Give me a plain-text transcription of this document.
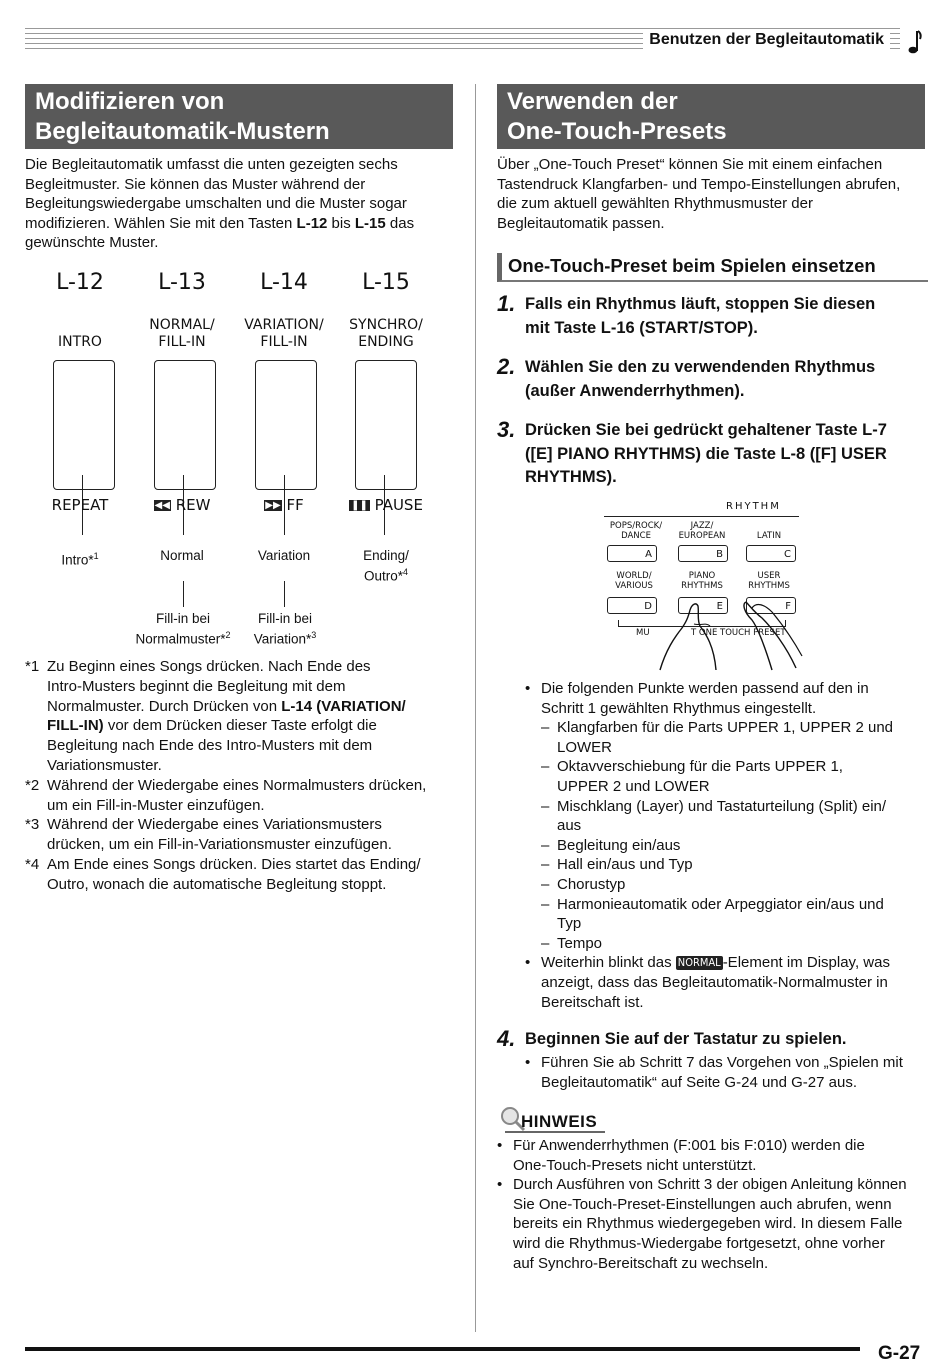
Benutzen der Begleitautomatik
Modifizieren von
Begleitautomatik-Mustern
Die Begleitautomatik umfasst die unten gezeigten sechs
Begleitmuster. Sie können das Muster während der
Begleitungswiedergabe umschalten und die Muster sogar
modifizieren. Wählen Sie mit den Tasten L-12 bis L-15 das
gewünschte Muster.
L-12

INTRO
REPEAT
Intro*$^1$
L-13
NORMAL/
FILL-IN
◀◀ REW
Normal
L-14
VARIATION/
FILL-IN
▶▶ FF
Variation
L-15
SYNCHRO/
ENDING
❚❚ PAUSE
Ending/
Outro*$^4$
Fill-in bei
Normalmuster*$^2$
Fill-in bei
Variation*$^3$
*1 Zu Beginn eines Songs drücken. Nach Ende des
Intro-Musters beginnt die Begleitung mit dem
Normalmuster. Durch Drücken von L-14 (VARIATION/
FILL-IN) vor dem Drücken dieser Taste erfolgt die
Begleitung nach Ende des Intro-Musters mit dem
Variationsmuster.
*2 Während der Wiedergabe eines Normalmusters drücken,
um ein Fill-in-Muster einzufügen.
*3 Während der Wiedergabe eines Variationsmusters
drücken, um ein Fill-in-Variationsmuster einzufügen.
*4 Am Ende eines Songs drücken. Dies startet das Ending/
Outro, wonach die automatische Begleitung stoppt.
Verwenden der
One-Touch-Presets
Über „One-Touch Preset“ können Sie mit einem einfachen
Tastendruck Klangfarben- und Tempo-Einstellungen abrufen,
die zum aktuell gewählten Rhythmusmuster der
Begleitautomatik passen.
One-Touch-Preset beim Spielen einsetzen
1. Falls ein Rhythmus läuft, stoppen Sie diesen
mit Taste L-16 (START/STOP).
2. Wählen Sie den zu verwendenden Rhythmus
(außer Anwenderrhythmen).
3. Drücken Sie bei gedrückt gehaltener Taste L-7
([E] PIANO RHYTHMS) die Taste L-8 ([F] USER
RHYTHMS).
RHYTHM
POPS/ROCK/
DANCE
JAZZ/
EUROPEAN
	LATIN
A	B	C
WORLD/
VARIOUS
PIANO
RHYTHMS
USER
RHYTHMS
D	E	F
MU	T ONE TOUCH PRESET
• Die folgenden Punkte werden passend auf den in
Schritt 1 gewählten Rhythmus eingestellt.
– Klangfarben für die Parts UPPER 1, UPPER 2 und
LOWER
– Oktavverschiebung für die Parts UPPER 1,
UPPER 2 und LOWER
– Mischklang (Layer) und Tastaturteilung (Split) ein/
aus
– Begleitung ein/aus
– Hall ein/aus und Typ
– Chorustyp
– Harmonieautomatik oder Arpeggiator ein/aus und
Typ
– Tempo
• Weiterhin blinkt das NORMAL -Element im Display, was
anzeigt, dass das Begleitautomatik-Normalmuster in
Bereitschaft ist.
4. Beginnen Sie auf der Tastatur zu spielen.
• Führen Sie ab Schritt 7 das Vorgehen von „Spielen mit
Begleitautomatik“ auf Seite G-24 und G-27 aus.
HINWEIS
• Für Anwenderrhythmen (F:001 bis F:010) werden die
One-Touch-Presets nicht unterstützt.
• Durch Ausführen von Schritt 3 der obigen Anleitung können
Sie One-Touch-Preset-Einstellungen auch abrufen, wenn
bereits ein Rhythmus wiedergegeben wird. In diesem Falle
wird die Rhythmus-Wiedergabe fortgesetzt, ohne vorher
auf Synchro-Bereitschaft zu wechseln.
G-27
